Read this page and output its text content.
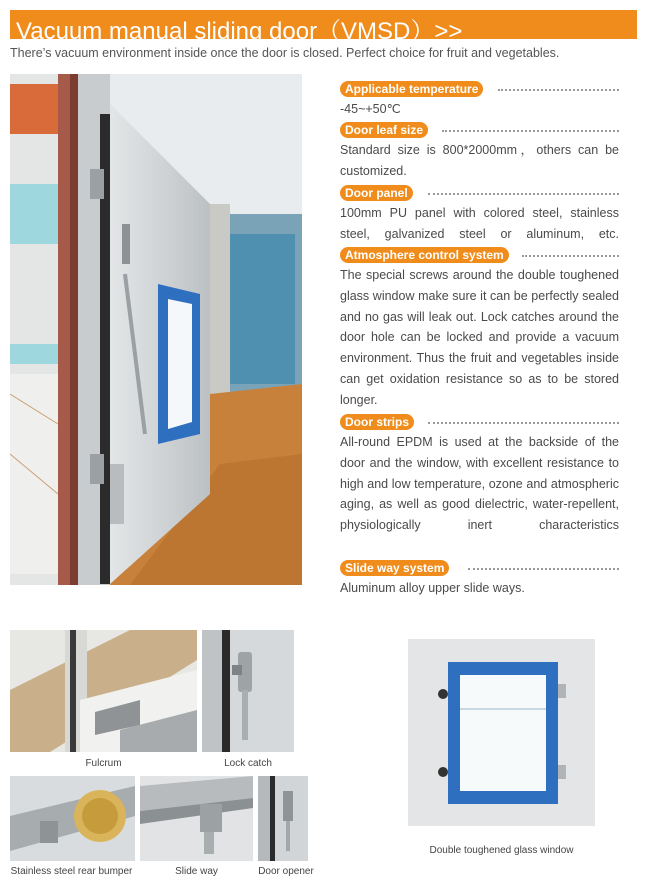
Vacuum manual sliding door（VMSD）>>
There’s vacuum environment inside once the door is closed. Perfect choice for fruit and vegetables.
Applicable temperature
-45~+50℃
Door leaf size
Standard size is 800*2000mm，others can be customized.
Door panel
100mm PU panel with colored steel, stainless steel, galvanized steel or aluminum, etc.
Atmosphere control system
The special screws around the double toughened glass window make sure it can be perfectly sealed and no gas will leak out. Lock catches around the door hole can be locked and provide a vacuum environment. Thus the fruit and vegetables inside can get oxidation resistance so as to be stored longer.
Door strips
All-round EPDM is used at the backside of the door and the window, with excellent resistance to high and low temperature, ozone and atmospheric aging, as well as good dielectric, water-repellent, physiologically inert characteristics
Slide way system
Aluminum alloy upper slide ways.
Fulcrum	Lock catch
Double toughened glass window
Stainless steel rear bumper	Slide way	Door opener
